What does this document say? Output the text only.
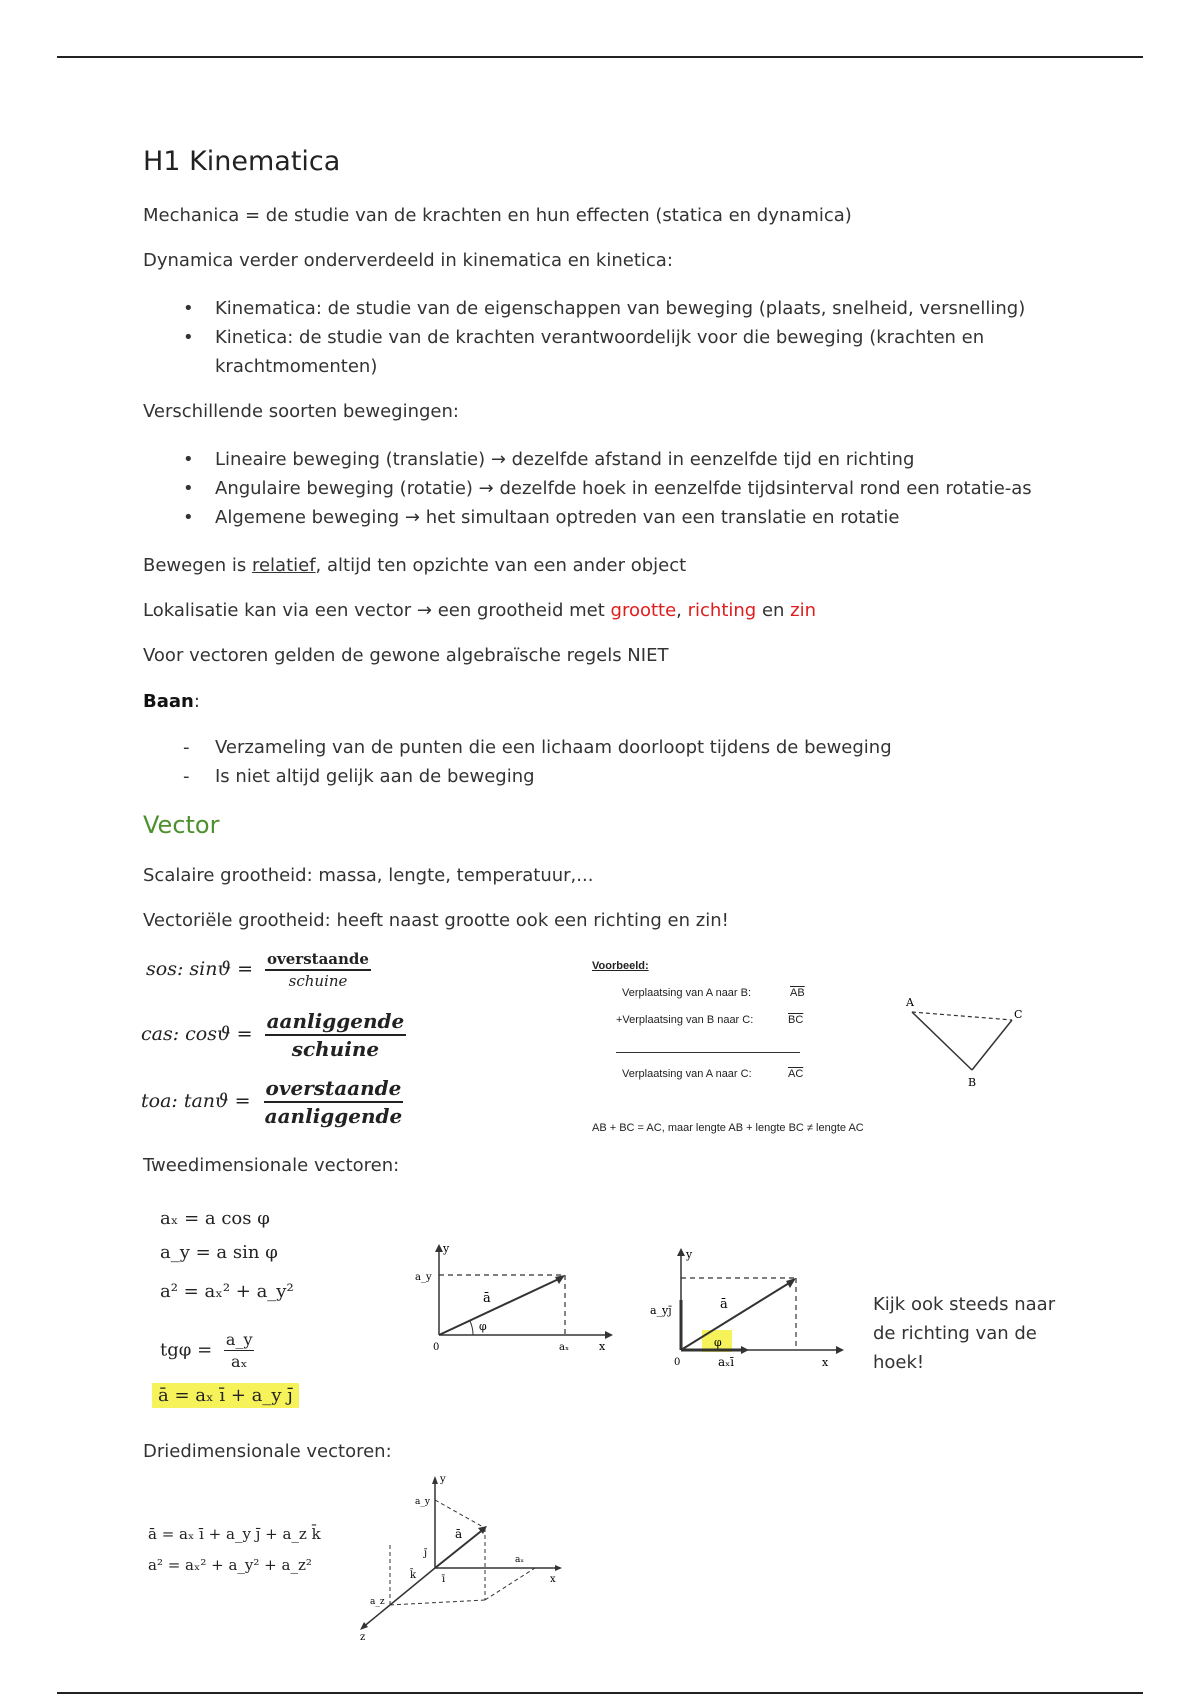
H1 Kinematica

Mechanica = de studie van de krachten en hun effecten (statica en dynamica)

Dynamica verder onderverdeeld in kinematica en kinetica:

• Kinematica: de studie van de eigenschappen van beweging (plaats, snelheid, versnelling)
• Kinetica: de studie van de krachten verantwoordelijk voor die beweging (krachten en krachtmomenten)

Verschillende soorten bewegingen:

• Lineaire beweging (translatie) → dezelfde afstand in eenzelfde tijd en richting
• Angulaire beweging (rotatie) → dezelfde hoek in eenzelfde tijdsinterval rond een rotatie-as
• Algemene beweging → het simultaan optreden van een translatie en rotatie

Bewegen is relatief, altijd ten opzichte van een ander object

Lokalisatie kan via een vector → een grootheid met grootte, richting en zin

Voor vectoren gelden de gewone algebraïsche regels NIET

Baan:

- Verzameling van de punten die een lichaam doorloopt tijdens de beweging
- Is niet altijd gelijk aan de beweging
Vector

Scalaire grootheid: massa, lengte, temperatuur,...

Vectoriële grootheid: heeft naast grootte ook een richting en zin!

sos: $\sin ϑ = \frac{\text{overstaande}}{\text{schuine}}$
cas: $\cos ϑ = \frac{\text{aanliggende}}{\text{schuine}}$
toa: $\tan ϑ = \frac{\text{overstaande}}{\text{aanliggende}}$
Voorbeeld:
Verplaatsing van A naar B:	$\overline{AB}$
+Verplaatsing van B naar C:	$\overline{BC}$
Verplaatsing van A naar C:	$\overline{AC}$
AB + BC = AC, maar lengte AB + lengte BC ≠ lengte AC
A
C
B

Tweedimensionale vectoren:

aₓ = a cos φ
a_y = a sin φ
a² = aₓ² + a_y²
$tg\varphi = \frac{a\_y}{\text{aₓ}}$
ā = aₓ ī + a_y j̄
φ
ā
y
a_y
0	aₓ	x	φ
ā
y
a_yj̄
0	aₓī	x

Kijk ook steeds naar de richting van de hoek!

Driedimensionale vectoren:

ā = aₓ ī + a_y j̄ + a_z k̄
a² = aₓ² + a_y² + a_z²
y
a_y
ā
j̄
k̄	ī
aₓ
x
a_z
z
